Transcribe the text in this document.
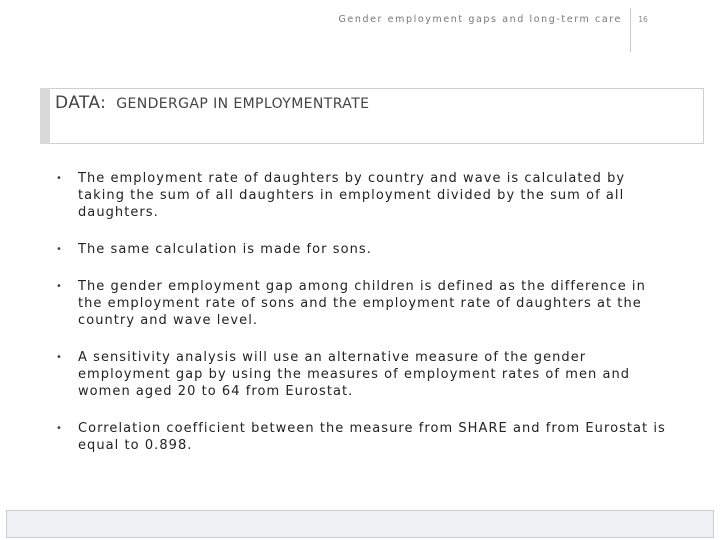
Gender employment gaps and long-term care 16
DATA: GENDERGAP IN EMPLOYMENTRATE
• The employment rate of daughters by country and wave is calculated by taking the sum of all daughters in employment divided by the sum of all daughters.
• The same calculation is made for sons.
• The gender employment gap among children is defined as the difference in the employment rate of sons and the employment rate of daughters at the country and wave level.
• A sensitivity analysis will use an alternative measure of the gender employment gap by using the measures of employment rates of men and women aged 20 to 64 from Eurostat.
• Correlation coefficient between the measure from SHARE and from Eurostat is equal to 0.898.
